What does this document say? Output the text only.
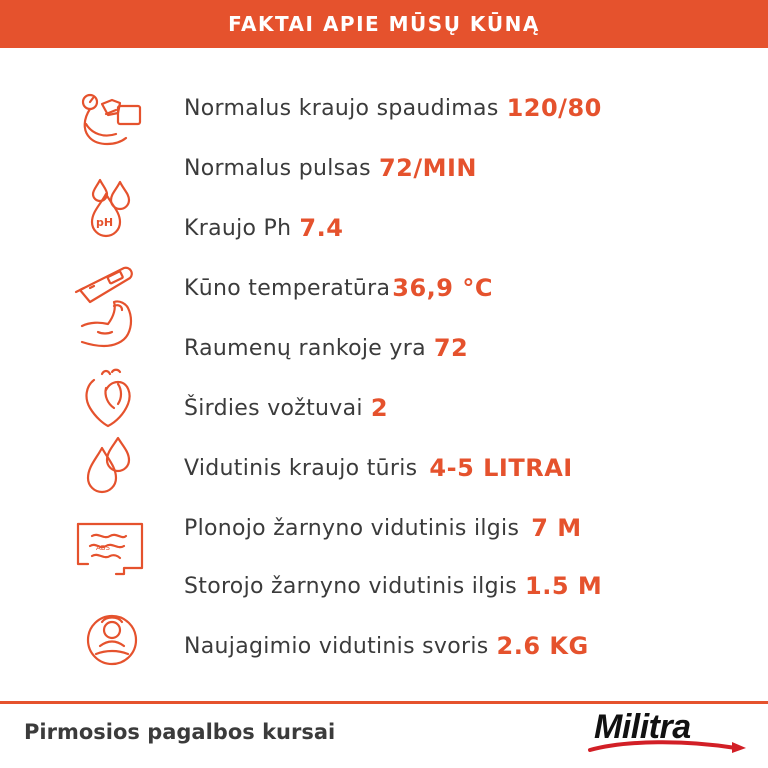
FAKTAI APIE MŪSŲ KŪNĄ
pH
ABS
Normalus kraujo spaudimas 120/80
Normalus pulsas 72/MIN
Kraujo Ph 7.4
Kūno temperatūra 36,9 °C
Raumenų rankoje yra 72
Širdies vožtuvai 2
Vidutinis kraujo tūris 4-5 LITRAI
Plonojo žarnyno vidutinis ilgis 7 M
Storojo žarnyno vidutinis ilgis 1.5 M
Naujagimio vidutinis svoris 2.6 KG
Pirmosios pagalbos kursai	Militra
